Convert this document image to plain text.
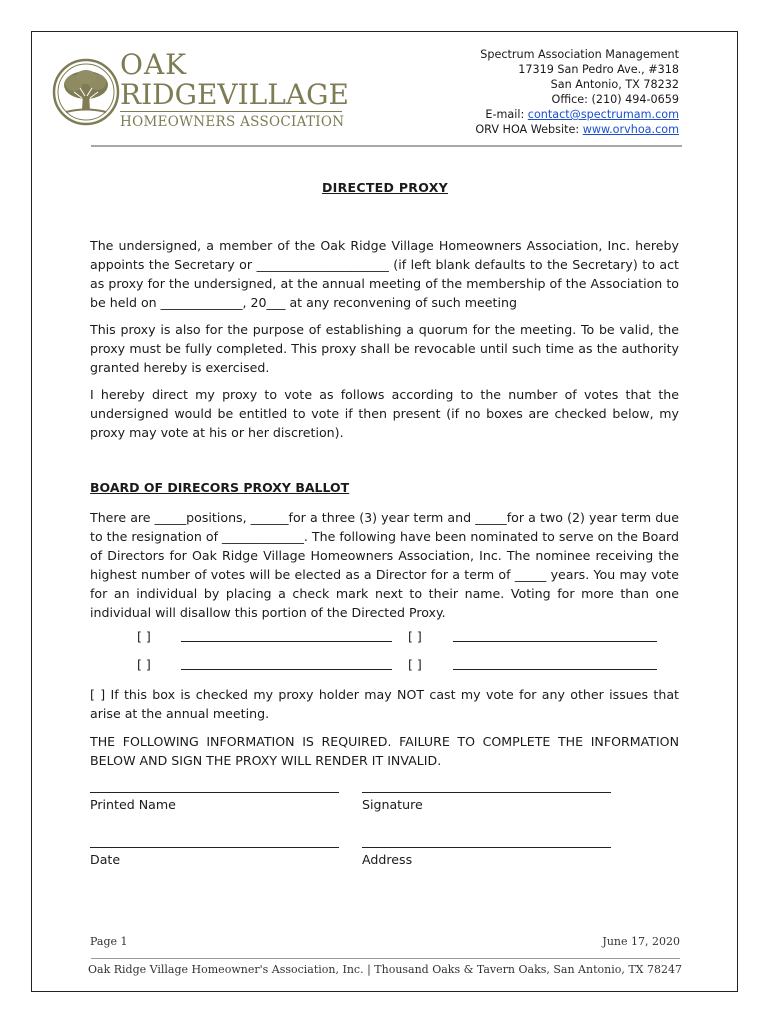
OAK
RIDGEVILLAGE
HOMEOWNERS ASSOCIATION
Spectrum Association Management
17319 San Pedro Ave., #318
San Antonio, TX 78232
Office: (210) 494-0659
E-mail: contact@spectrumam.com
ORV HOA Website: www.orvhoa.com
DIRECTED PROXY

The undersigned, a member of the Oak Ridge Village Homeowners Association, Inc. hereby appoints the Secretary or _____________________ (if left blank defaults to the Secretary) to act as proxy for the undersigned, at the annual meeting of the membership of the Association to be held on _____________, 20___ at any reconvening of such meeting

This proxy is also for the purpose of establishing a quorum for the meeting. To be valid, the proxy must be fully completed. This proxy shall be revocable until such time as the authority granted hereby is exercised.

I hereby direct my proxy to vote as follows according to the number of votes that the undersigned would be entitled to vote if then present (if no boxes are checked below, my proxy may vote at his or her discretion).

BOARD OF DIRECORS PROXY BALLOT

There are _____positions, ______for a three (3) year term and _____for a two (2) year term due to the resignation of _____________. The following have been nominated to serve on the Board of Directors for Oak Ridge Village Homeowners Association, Inc. The nominee receiving the highest number of votes will be elected as a Director for a term of _____ years. You may vote for an individual by placing a check mark next to their name. Voting for more than one individual will disallow this portion of the Directed Proxy.

[ ]	[ ]
[ ]	[ ]

[ ] If this box is checked my proxy holder may NOT cast my vote for any other issues that arise at the annual meeting.

THE FOLLOWING INFORMATION IS REQUIRED. FAILURE TO COMPLETE THE INFORMATION BELOW AND SIGN THE PROXY WILL RENDER IT INVALID.

Printed Name	Signature
Date	Address
Page 1	June 17, 2020
Oak Ridge Village Homeowner's Association, Inc. | Thousand Oaks & Tavern Oaks, San Antonio, TX 78247
